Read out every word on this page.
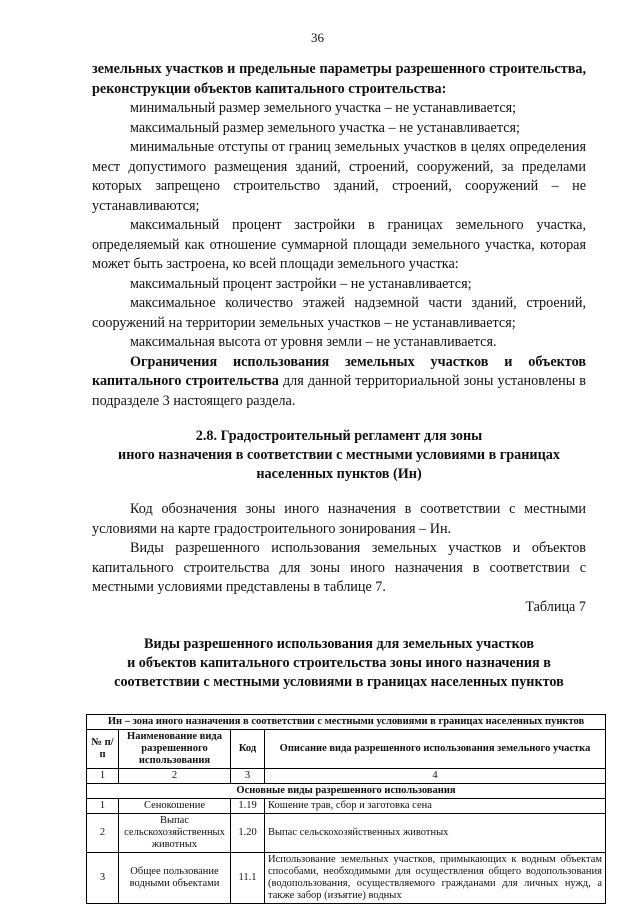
36

земельных участков и предельные параметры разрешенного строительства, реконструкции объектов капитального строительства:

минимальный размер земельного участка – не устанавливается;

максимальный размер земельного участка – не устанавливается;

минимальные отступы от границ земельных участков в целях определения мест допустимого размещения зданий, строений, сооружений, за пределами которых запрещено строительство зданий, строений, сооружений – не устанавливаются;

максимальный процент застройки в границах земельного участка, определяемый как отношение суммарной площади земельного участка, которая может быть застроена, ко всей площади земельного участка:

максимальный процент застройки – не устанавливается;

максимальное количество этажей надземной части зданий, строений, сооружений на территории земельных участков – не устанавливается;

максимальная высота от уровня земли – не устанавливается.

Ограничения использования земельных участков и объектов капитального строительства для данной территориальной зоны установлены в подразделе 3 настоящего раздела.

2.8. Градостроительный регламент для зоны
иного назначения в соответствии с местными условиями в границах
населенных пунктов (Ин)

Код обозначения зоны иного назначения в соответствии с местными условиями на карте градостроительного зонирования – Ин.

Виды разрешенного использования земельных участков и объектов капитального строительства для зоны иного назначения в соответствии с местными условиями представлены в таблице 7.

Таблица 7

Виды разрешенного использования для земельных участков
и объектов капитального строительства зоны иного назначения в
соответствии с местными условиями в границах населенных пунктов
Ин – зона иного назначения в соответствии с местными условиями в границах населенных пунктов			
№ п/п	Наименование вида разрешенного использования	Код	Описание вида разрешенного использования земельного участка
1	2	3	4
Основные виды разрешенного использования			
1	Сенокошение	1.19	Кошение трав, сбор и заготовка сена
2	Выпас сельскохозяйственных животных	1.20	Выпас сельскохозяйственных животных
3	Общее пользование водными объектами	11.1	Использование земельных участков, примыкающих к водным объектам способами, необходимыми для осуществления общего водопользования (водопользования, осуществляемого гражданами для личных нужд, а также забор (изъятие) водных
